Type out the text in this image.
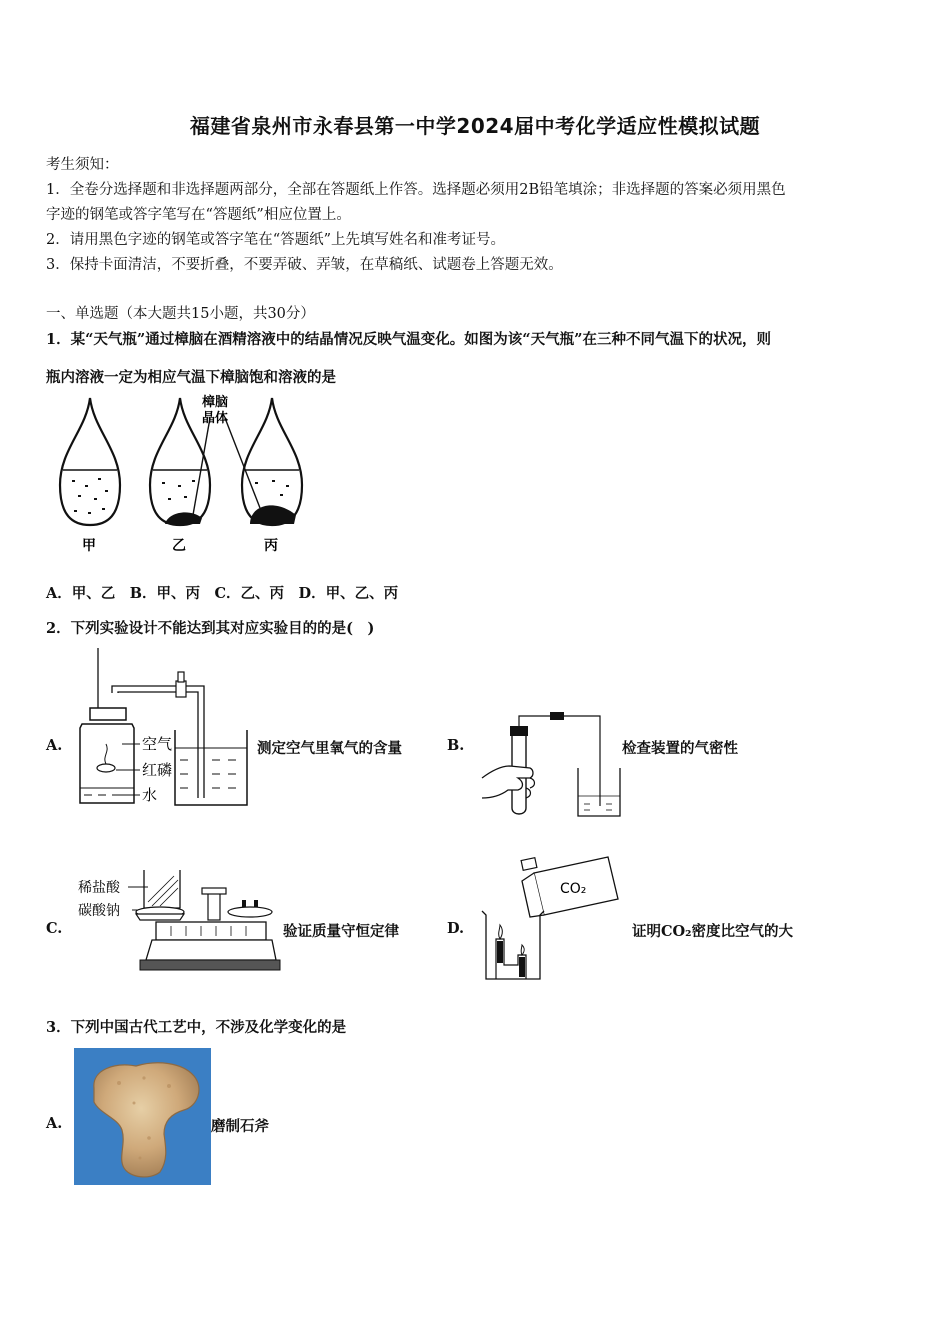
福建省泉州市永春县第一中学2024届中考化学适应性模拟试题
考生须知：
1．全卷分选择题和非选择题两部分，全部在答题纸上作答。选择题必须用2B铅笔填涂；非选择题的答案必须用黑色
字迹的钢笔或答字笔写在“答题纸”相应位置上。
2．请用黑色字迹的钢笔或答字笔在“答题纸”上先填写姓名和准考证号。
3．保持卡面清洁，不要折叠，不要弄破、弄皱，在草稿纸、试题卷上答题无效。
一、单选题（本大题共15小题，共30分）
1．某“天气瓶”通过樟脑在酒精溶液中的结晶情况反映气温变化。如图为该“天气瓶”在三种不同气温下的状况，则
瓶内溶液一定为相应气温下樟脑饱和溶液的是
樟脑
晶体
甲	乙	丙
A．甲、乙　B．甲、丙　C．乙、丙　D．甲、乙、丙
2．下列实验设计不能达到其对应实验目的的是(　)
A.	空气
红磷
水
测定空气里氧气的含量	B.	检查装置的气密性
C.
稀盐酸
碳酸钠
验证质量守恒定律	D.
CO₂
证明CO₂密度比空气的大
3．下列中国古代工艺中，不涉及化学变化的是
A.	磨制石斧
